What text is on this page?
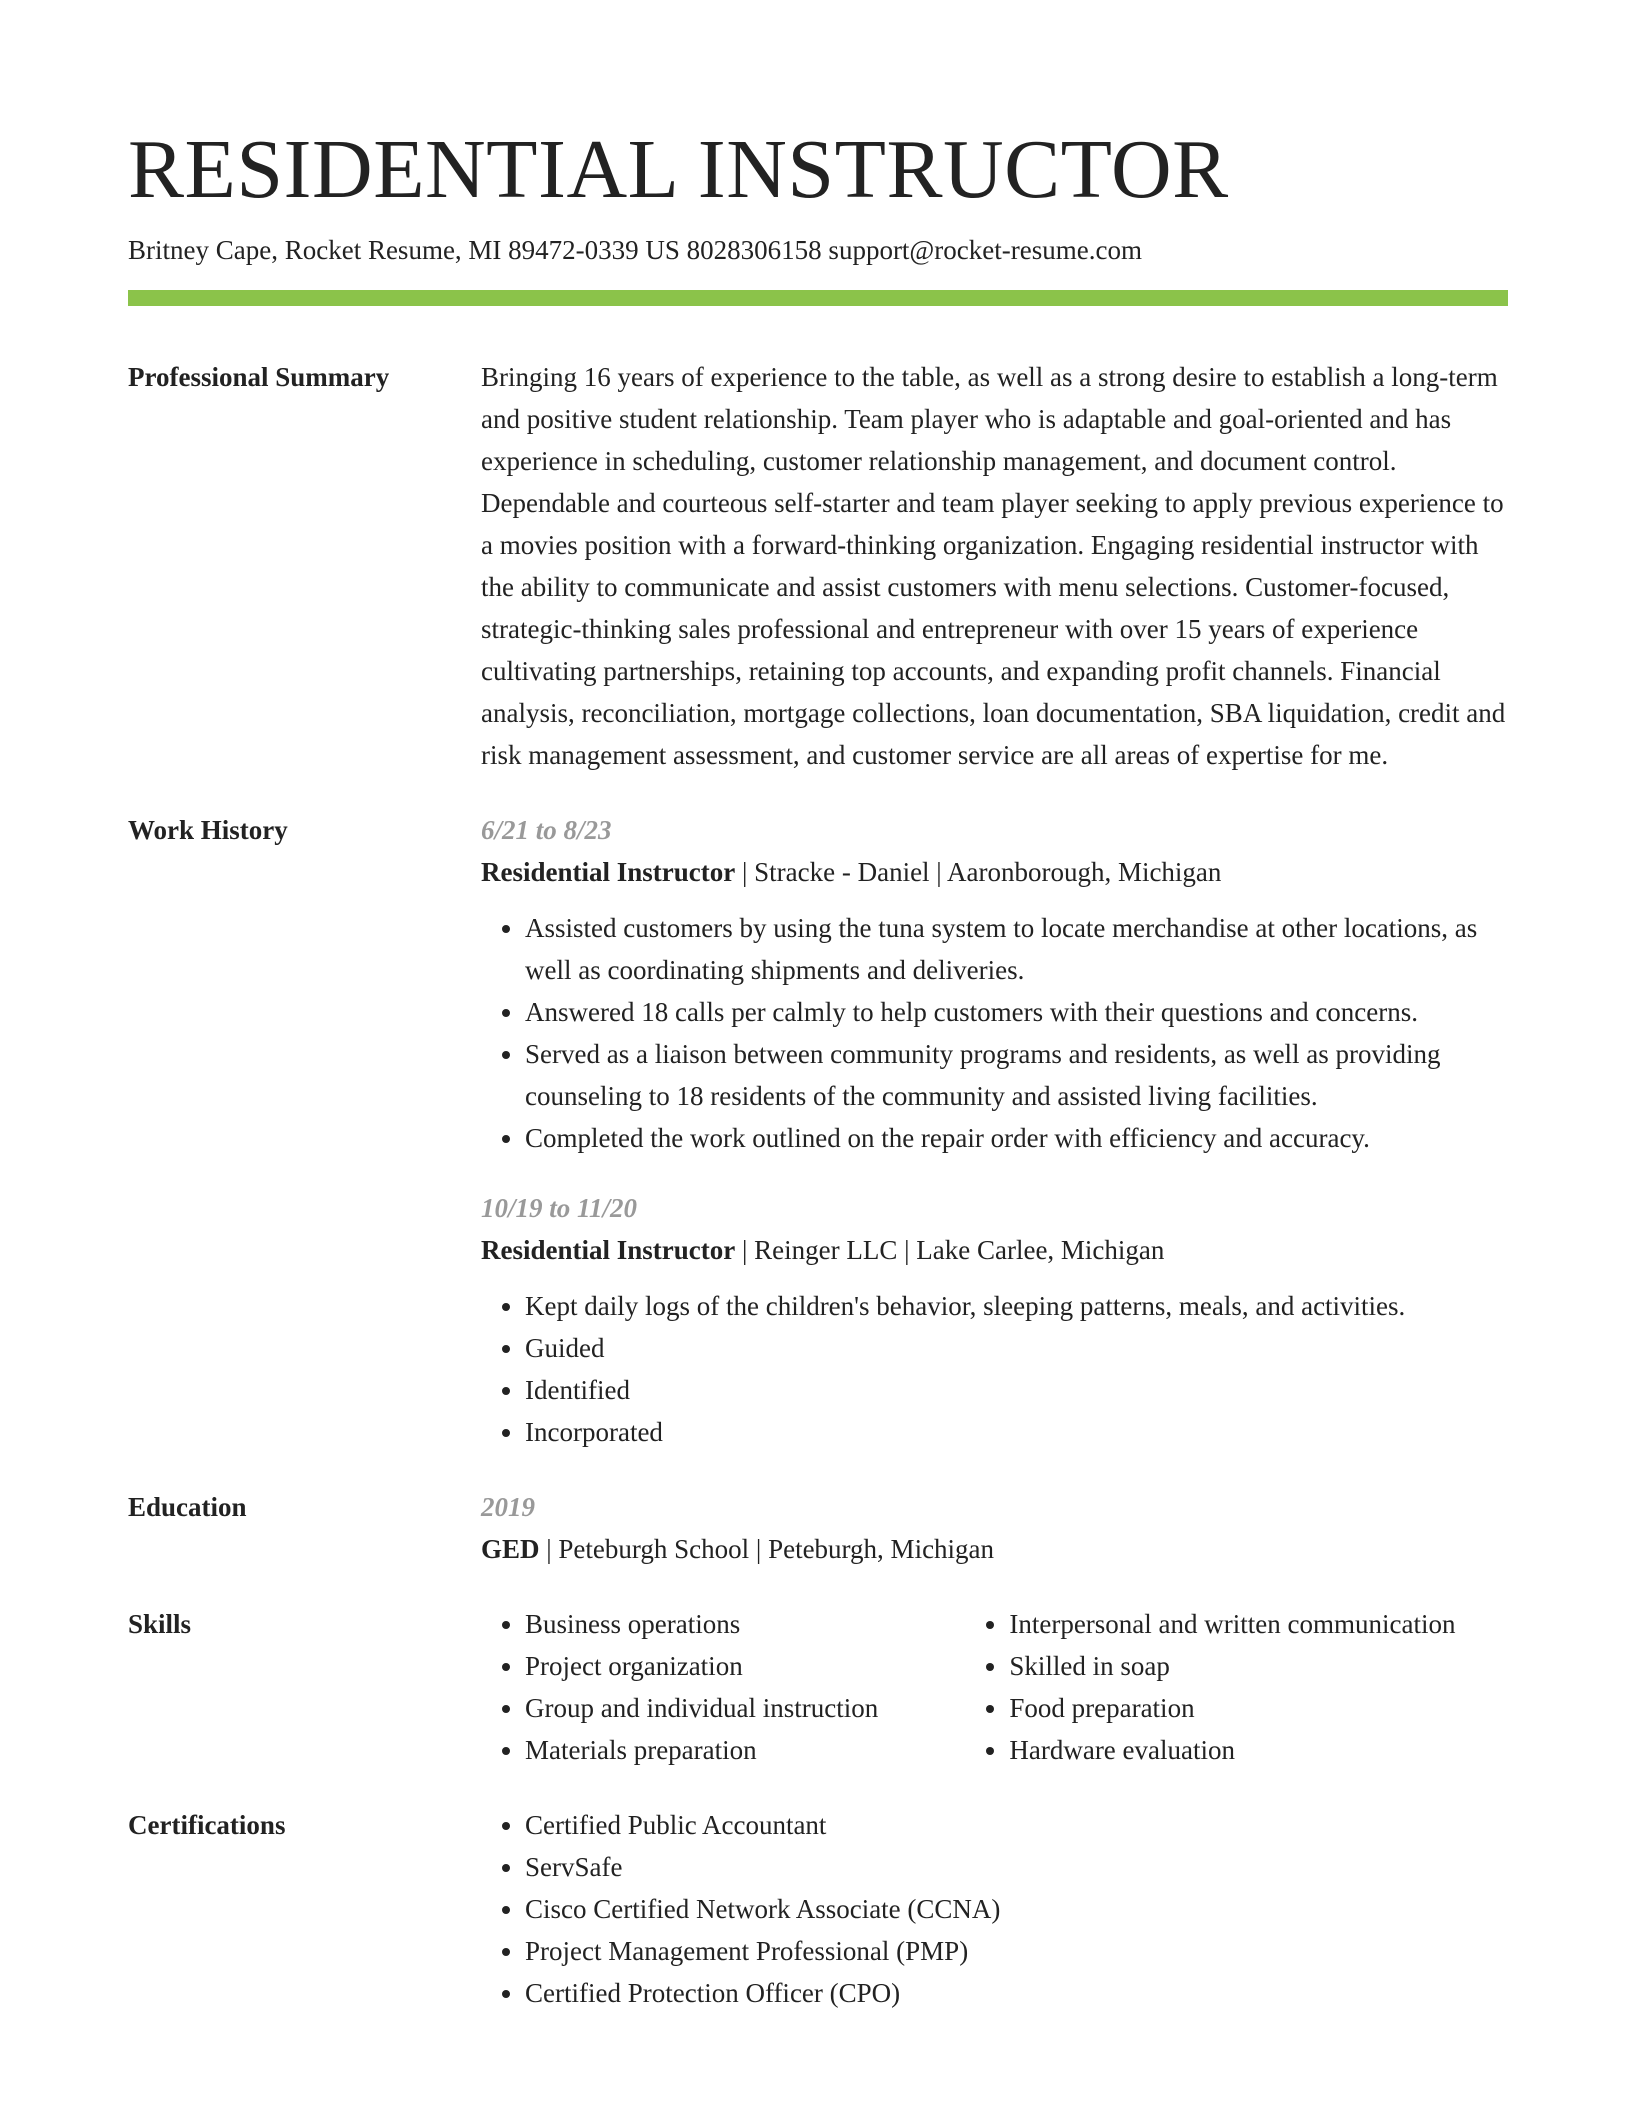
RESIDENTIAL INSTRUCTOR
Britney Cape, Rocket Resume, MI 89472-0339 US 8028306158 support@rocket-resume.com
Professional Summary	Bringing 16 years of experience to the table, as well as a strong desire to establish a long-term and positive student relationship. Team player who is adaptable and goal-oriented and has experience in scheduling, customer relationship management, and document control. Dependable and courteous self-starter and team player seeking to apply previous experience to a movies position with a forward-thinking organization. Engaging residential instructor with the ability to communicate and assist customers with menu selections. Customer-focused, strategic-thinking sales professional and entrepreneur with over 15 years of experience cultivating partnerships, retaining top accounts, and expanding profit channels. Financial analysis, reconciliation, mortgage collections, loan documentation, SBA liquidation, credit and risk management assessment, and customer service are all areas of expertise for me.

Work History	6/21 to 8/23
Residential Instructor | Stracke - Daniel | Aaronborough, Michigan
• Assisted customers by using the tuna system to locate merchandise at other locations, as well as coordinating shipments and deliveries.
• Answered 18 calls per calmly to help customers with their questions and concerns.
• Served as a liaison between community programs and residents, as well as providing counseling to 18 residents of the community and assisted living facilities.
• Completed the work outlined on the repair order with efficiency and accuracy.
10/19 to 11/20
Residential Instructor | Reinger LLC | Lake Carlee, Michigan
• Kept daily logs of the children's behavior, sleeping patterns, meals, and activities.
• Guided
• Identified
• Incorporated
Education	2019
GED | Peteburgh School | Peteburgh, Michigan
Skills	• Business operations
• Project organization
• Group and individual instruction
• Materials preparation
• Interpersonal and written communication
• Skilled in soap
• Food preparation
• Hardware evaluation
Certifications	• Certified Public Accountant
• ServSafe
• Cisco Certified Network Associate (CCNA)
• Project Management Professional (PMP)
• Certified Protection Officer (CPO)
